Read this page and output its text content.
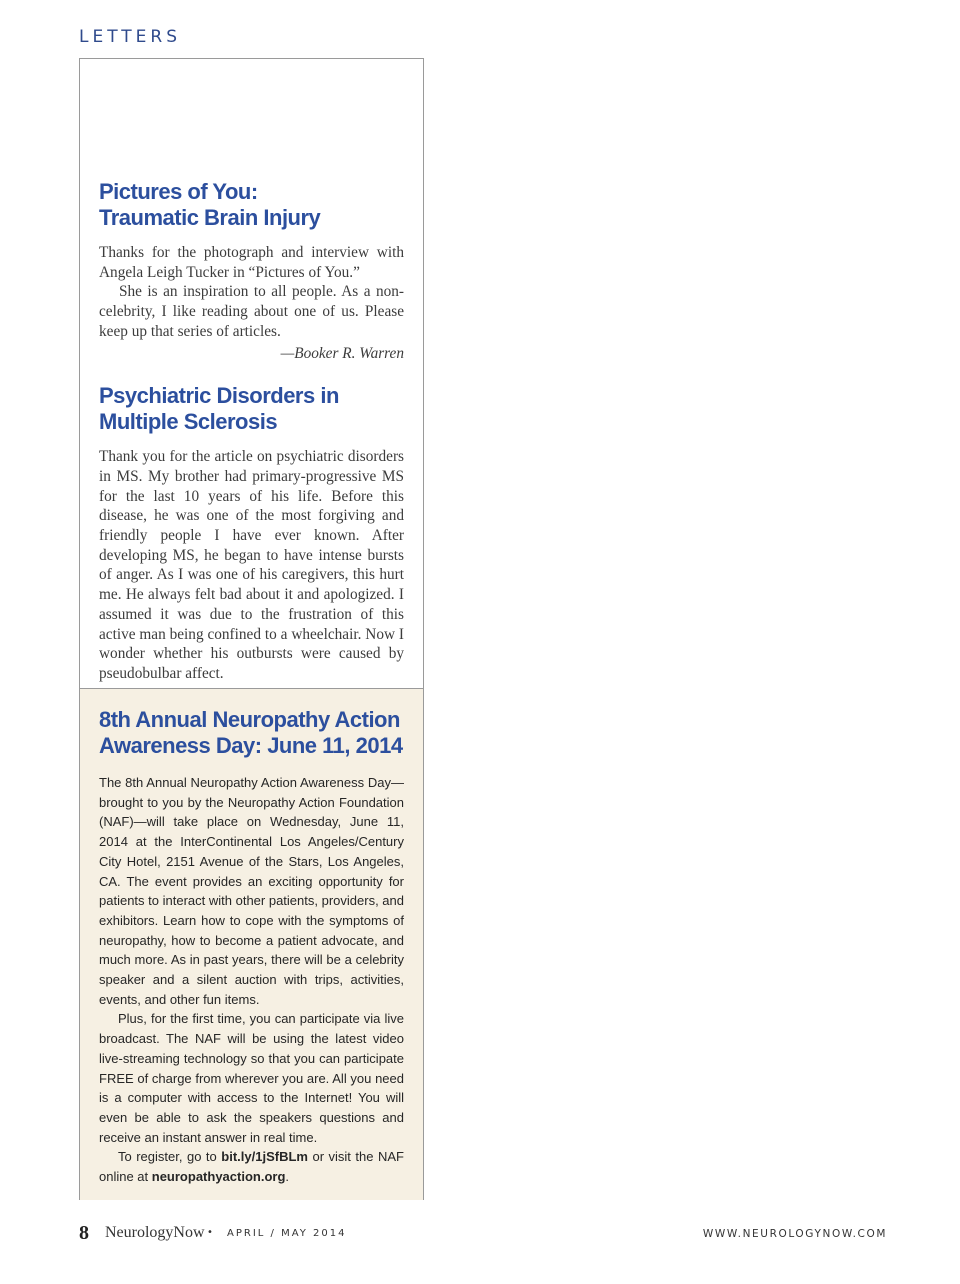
LETTERS
Pictures of You:
Traumatic Brain Injury

Thanks for the photograph and interview with Angela Leigh Tucker in “Pictures of You.”

She is an inspiration to all people. As a non-celebrity, I like reading about one of us. Please keep up that series of articles.

—Booker R. Warren

Psychiatric Disorders in
Multiple Sclerosis

Thank you for the article on psychiatric disorders in MS. My brother had primary-progressive MS for the last 10 years of his life. Before this disease, he was one of the most forgiving and friendly people I have ever known. After developing MS, he began to have intense bursts of anger. As I was one of his caregivers, this hurt me. He always felt bad about it and apologized. I assumed it was due to the frustration of this active man being confined to a wheelchair. Now I wonder whether his outbursts were caused by pseudobulbar affect.

8th Annual Neuropathy Action
Awareness Day: June 11, 2014

The 8th Annual Neuropathy Action Awareness Day—brought to you by the Neuropathy Action Foundation (NAF)—will take place on Wednesday, June 11, 2014 at the InterContinental Los Angeles/Century City Hotel, 2151 Avenue of the Stars, Los Angeles, CA. The event provides an exciting opportunity for patients to interact with other patients, providers, and exhibitors. Learn how to cope with the symptoms of neuropathy, how to become a patient advocate, and much more. As in past years, there will be a celebrity speaker and a silent auction with trips, activities, events, and other fun items.

Plus, for the first time, you can participate via live broadcast. The NAF will be using the latest video live-streaming technology so that you can participate FREE of charge from wherever you are. All you need is a computer with access to the Internet! You will even be able to ask the speakers questions and receive an instant answer in real time.

To register, go to bit.ly/1jSfBLm or visit the NAF online at neuropathyaction.org.

8 NeurologyNow • APRIL / MAY 2014	WWW.NEUROLOGYNOW.COM
